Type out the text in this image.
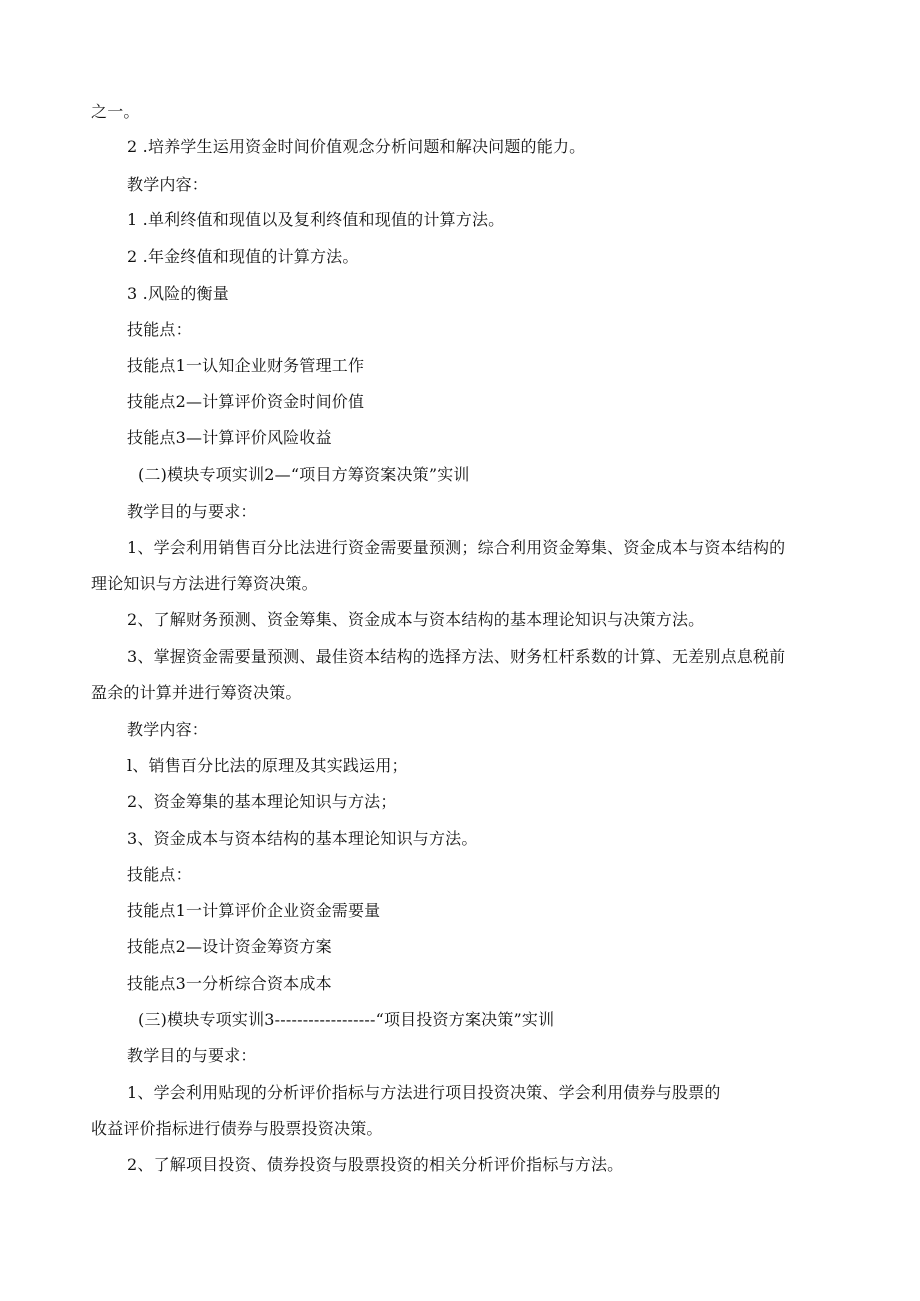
之一。
2 .培养学生运用资金时间价值观念分析问题和解决问题的能力。
教学内容：
1 .单利终值和现值以及复利终值和现值的计算方法。
2 .年金终值和现值的计算方法。
3 .风险的衡量
技能点：
技能点1一认知企业财务管理工作
技能点2—计算评价资金时间价值
技能点3—计算评价风险收益
(二)模块专项实训2—“项目方筹资案决策”实训
教学目的与要求：
1、学会利用销售百分比法进行资金需要量预测；综合利用资金筹集、资金成本与资本结构的
理论知识与方法进行筹资决策。
2、了解财务预测、资金筹集、资金成本与资本结构的基本理论知识与决策方法。
3、掌握资金需要量预测、最佳资本结构的选择方法、财务杠杆系数的计算、无差别点息税前
盈余的计算并进行筹资决策。
教学内容：
l、销售百分比法的原理及其实践运用；
2、资金筹集的基本理论知识与方法；
3、资金成本与资本结构的基本理论知识与方法。
技能点：
技能点1一计算评价企业资金需要量
技能点2—设计资金筹资方案
技能点3一分析综合资本成本
(三)模块专项实训3------------------“项目投资方案决策”实训
教学目的与要求：
1、学会利用贴现的分析评价指标与方法进行项目投资决策、学会利用债券与股票的
收益评价指标进行债券与股票投资决策。
2、了解项目投资、债券投资与股票投资的相关分析评价指标与方法。
